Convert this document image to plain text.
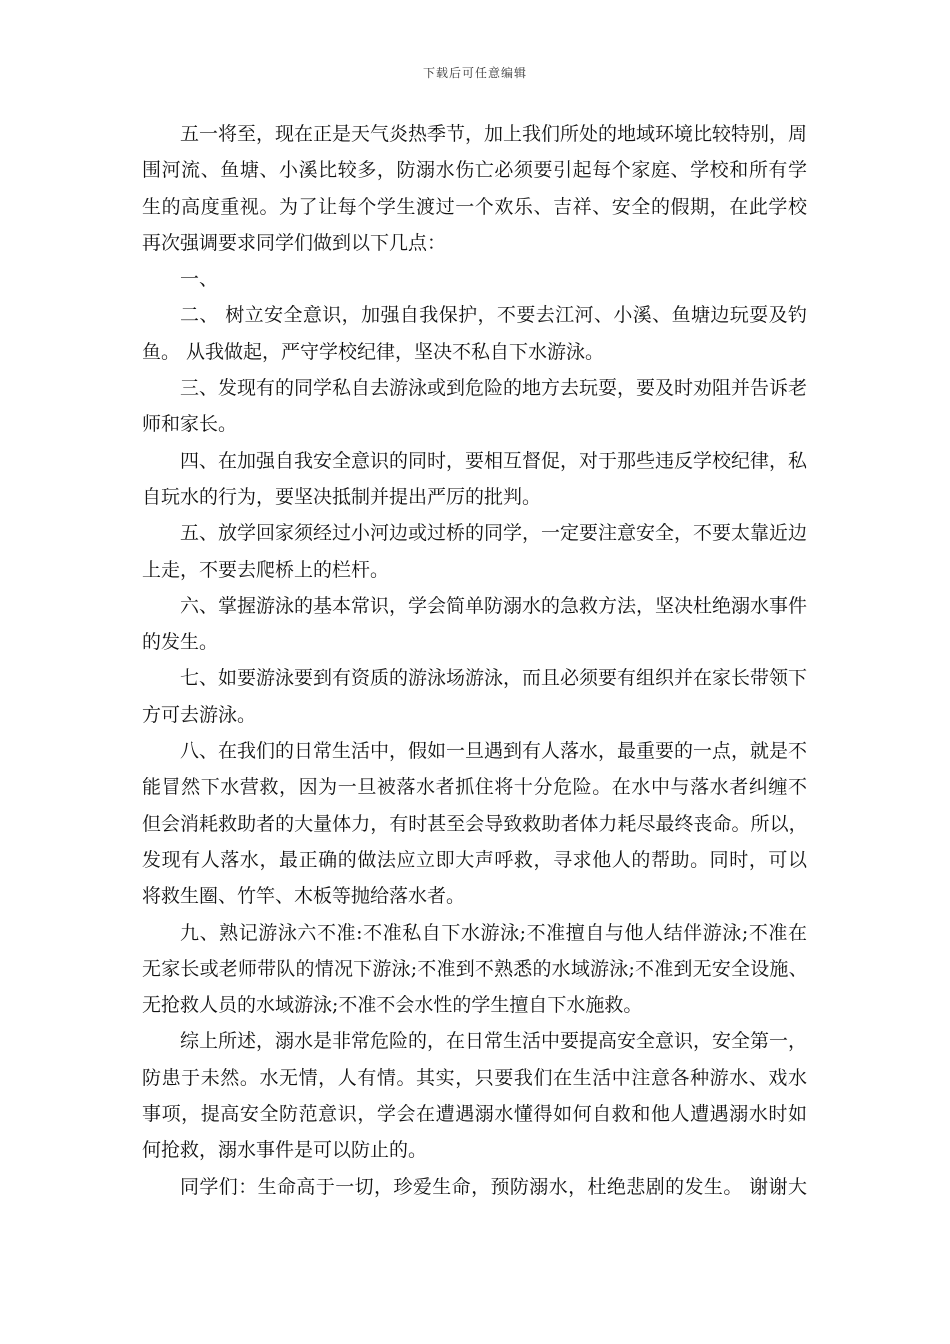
下载后可任意编辑
五一将至，现在正是天气炎热季节，加上我们所处的地域环境比较特别，周
围河流、鱼塘、小溪比较多，防溺水伤亡必须要引起每个家庭、学校和所有学
生的高度重视。为了让每个学生渡过一个欢乐、吉祥、安全的假期，在此学校
再次强调要求同学们做到以下几点：
一、
二、 树立安全意识，加强自我保护，不要去江河、小溪、鱼塘边玩耍及钓
鱼。 从我做起，严守学校纪律，坚决不私自下水游泳。
三、发现有的同学私自去游泳或到危险的地方去玩耍，要及时劝阻并告诉老
师和家长。
四、在加强自我安全意识的同时，要相互督促，对于那些违反学校纪律，私
自玩水的行为，要坚决抵制并提出严厉的批判。
五、放学回家须经过小河边或过桥的同学，一定要注意安全，不要太靠近边
上走，不要去爬桥上的栏杆。
六、掌握游泳的基本常识，学会简单防溺水的急救方法，坚决杜绝溺水事件
的发生。
七、如要游泳要到有资质的游泳场游泳，而且必须要有组织并在家长带领下
方可去游泳。
八、在我们的日常生活中，假如一旦遇到有人落水，最重要的一点，就是不
能冒然下水营救，因为一旦被落水者抓住将十分危险。在水中与落水者纠缠不
但会消耗救助者的大量体力，有时甚至会导致救助者体力耗尽最终丧命。所以，
发现有人落水，最正确的做法应立即大声呼救，寻求他人的帮助。同时，可以
将救生圈、竹竿、木板等抛给落水者。
九、熟记游泳六不准:不准私自下水游泳;不准擅自与他人结伴游泳;不准在
无家长或老师带队的情况下游泳;不准到不熟悉的水域游泳;不准到无安全设施、
无抢救人员的水域游泳;不准不会水性的学生擅自下水施救。
综上所述，溺水是非常危险的，在日常生活中要提高安全意识，安全第一，
防患于未然。水无情，人有情。其实，只要我们在生活中注意各种游水、戏水
事项，提高安全防范意识，学会在遭遇溺水懂得如何自救和他人遭遇溺水时如
何抢救，溺水事件是可以防止的。
同学们：生命高于一切，珍爱生命，预防溺水，杜绝悲剧的发生。 谢谢大
